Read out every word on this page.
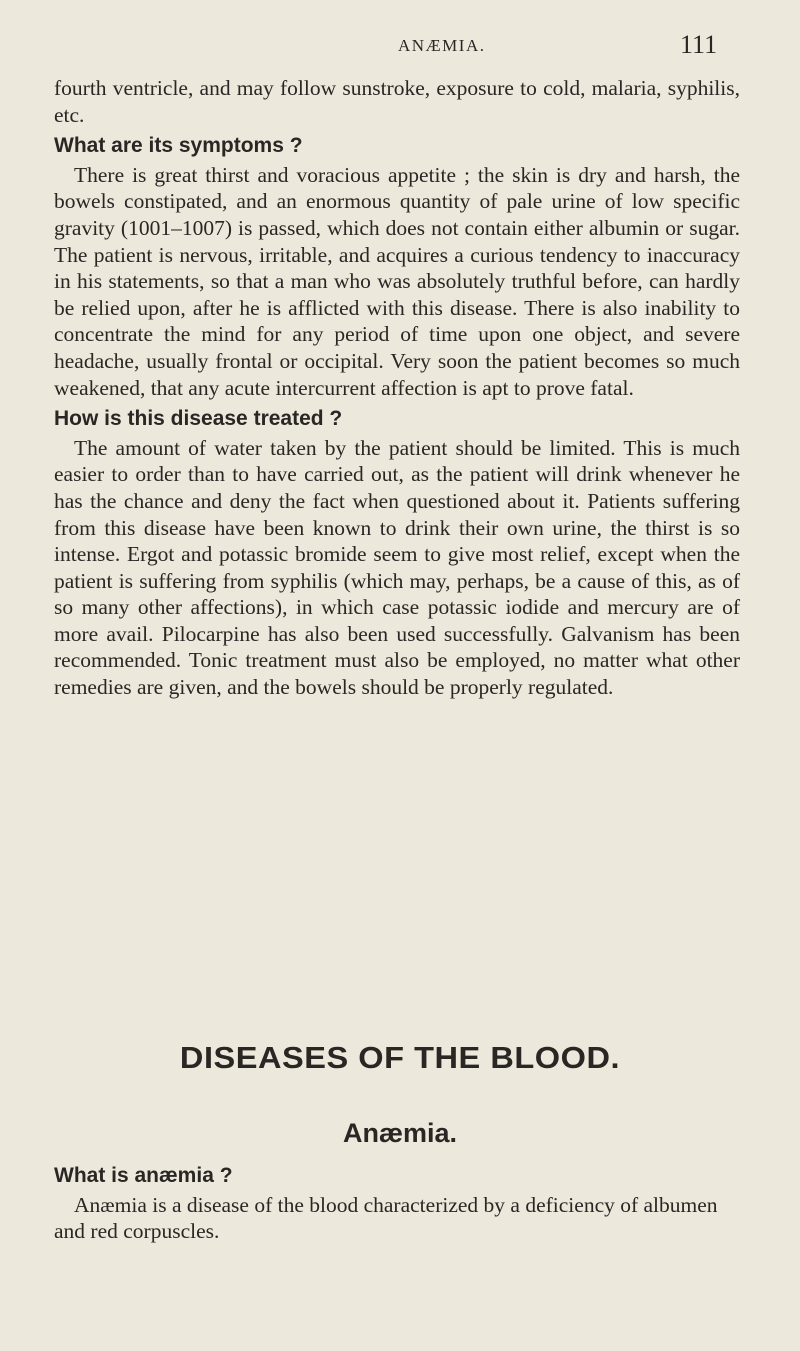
ANÆMIA.	111

fourth ventricle, and may follow sunstroke, exposure to cold, malaria, syphilis, etc.

What are its symptoms ?

There is great thirst and voracious appetite ; the skin is dry and harsh, the bowels constipated, and an enormous quantity of pale urine of low specific gravity (1001–1007) is passed, which does not contain either albumin or sugar. The patient is nervous, irritable, and acquires a curious tendency to inaccuracy in his statements, so that a man who was absolutely truthful before, can hardly be relied upon, after he is afflicted with this disease. There is also inability to concentrate the mind for any period of time upon one object, and severe headache, usually frontal or occipital. Very soon the patient becomes so much weakened, that any acute intercurrent affection is apt to prove fatal.

How is this disease treated ?

The amount of water taken by the patient should be limited. This is much easier to order than to have carried out, as the patient will drink whenever he has the chance and deny the fact when questioned about it. Patients suffering from this disease have been known to drink their own urine, the thirst is so intense. Ergot and potassic bromide seem to give most relief, except when the patient is suffering from syphilis (which may, perhaps, be a cause of this, as of so many other affections), in which case potassic iodide and mercury are of more avail. Pilocarpine has also been used successfully. Galvanism has been recommended. Tonic treatment must also be employed, no matter what other remedies are given, and the bowels should be properly regulated.

DISEASES OF THE BLOOD.
Anæmia.
What is anæmia ?

Anæmia is a disease of the blood characterized by a deficiency of albumen and red corpuscles.
